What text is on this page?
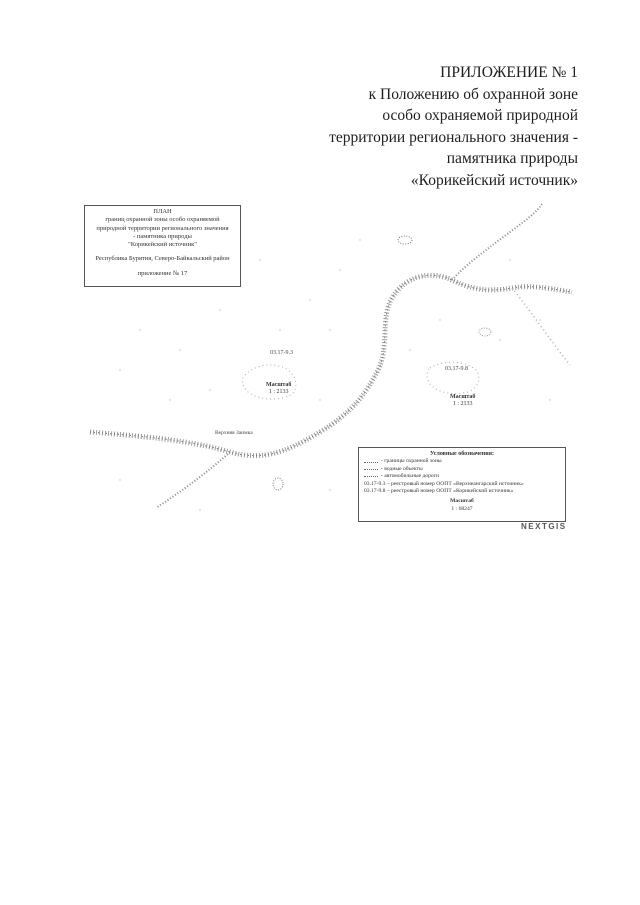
ПРИЛОЖЕНИЕ № 1
к Положению об охранной зоне
особо охраняемой природной
территории регионального значения -
памятника природы
«Корикейский источник»
ПЛАН
границ охранной зоны особо охраняемой
природной территории регионального значения
- памятника природы
"Корикейский источник"
Республика Бурятия, Северо-Байкальский район
приложение № 17
03.17-9.3
03.17-9.8
Верхняя Заимка
Масштаб
1 : 2133
Масштаб
1 : 2133
Условные обозначения:
- границы охранной зоны
- водные объекты
- автомобильные дороги
03.17-9.3 – реестровый номер ООПТ «Верхнеангарский источник»
03.17-9.8 – реестровый номер ООПТ «Корикейский источник»
Масштаб
1 : 68247
NEXTGIS
